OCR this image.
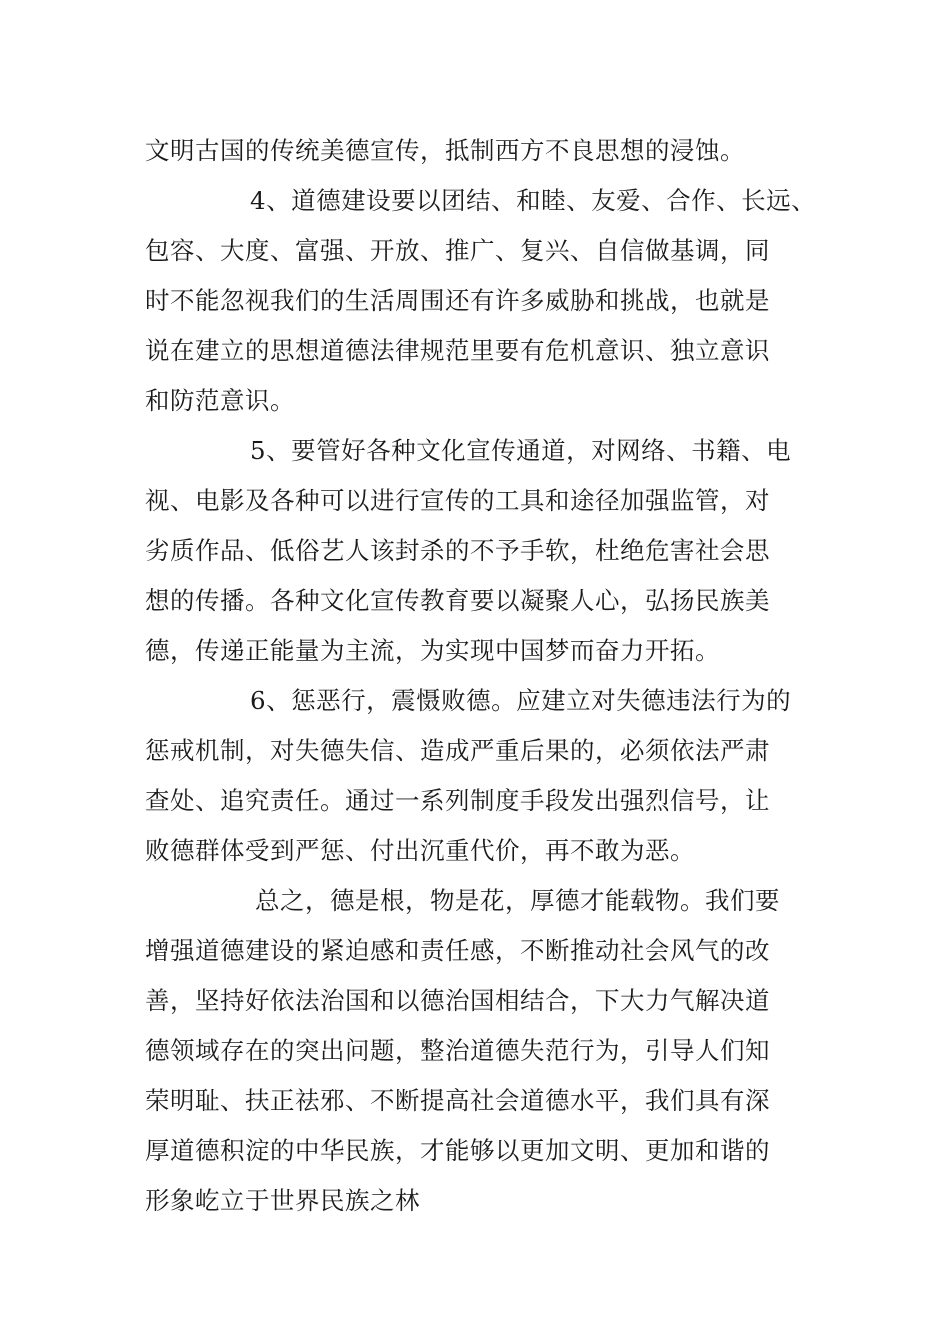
文明古国的传统美德宣传，抵制西方不良思想的浸蚀。
4、道德建设要以团结、和睦、友爱、合作、长远、
包容、大度、富强、开放、推广、复兴、自信做基调，同
时不能忽视我们的生活周围还有许多威胁和挑战，也就是
说在建立的思想道德法律规范里要有危机意识、独立意识
和防范意识。
5、要管好各种文化宣传通道，对网络、书籍、电
视、电影及各种可以进行宣传的工具和途径加强监管，对
劣质作品、低俗艺人该封杀的不予手软，杜绝危害社会思
想的传播。各种文化宣传教育要以凝聚人心，弘扬民族美
德，传递正能量为主流，为实现中国梦而奋力开拓。
6、惩恶行，震慑败德。应建立对失德违法行为的
惩戒机制，对失德失信、造成严重后果的，必须依法严肃
查处、追究责任。通过一系列制度手段发出强烈信号，让
败德群体受到严惩、付出沉重代价，再不敢为恶。
总之，德是根，物是花，厚德才能载物。我们要
增强道德建设的紧迫感和责任感，不断推动社会风气的改
善，坚持好依法治国和以德治国相结合，下大力气解决道
德领域存在的突出问题，整治道德失范行为，引导人们知
荣明耻、扶正祛邪、不断提高社会道德水平，我们具有深
厚道德积淀的中华民族，才能够以更加文明、更加和谐的
形象屹立于世界民族之林
